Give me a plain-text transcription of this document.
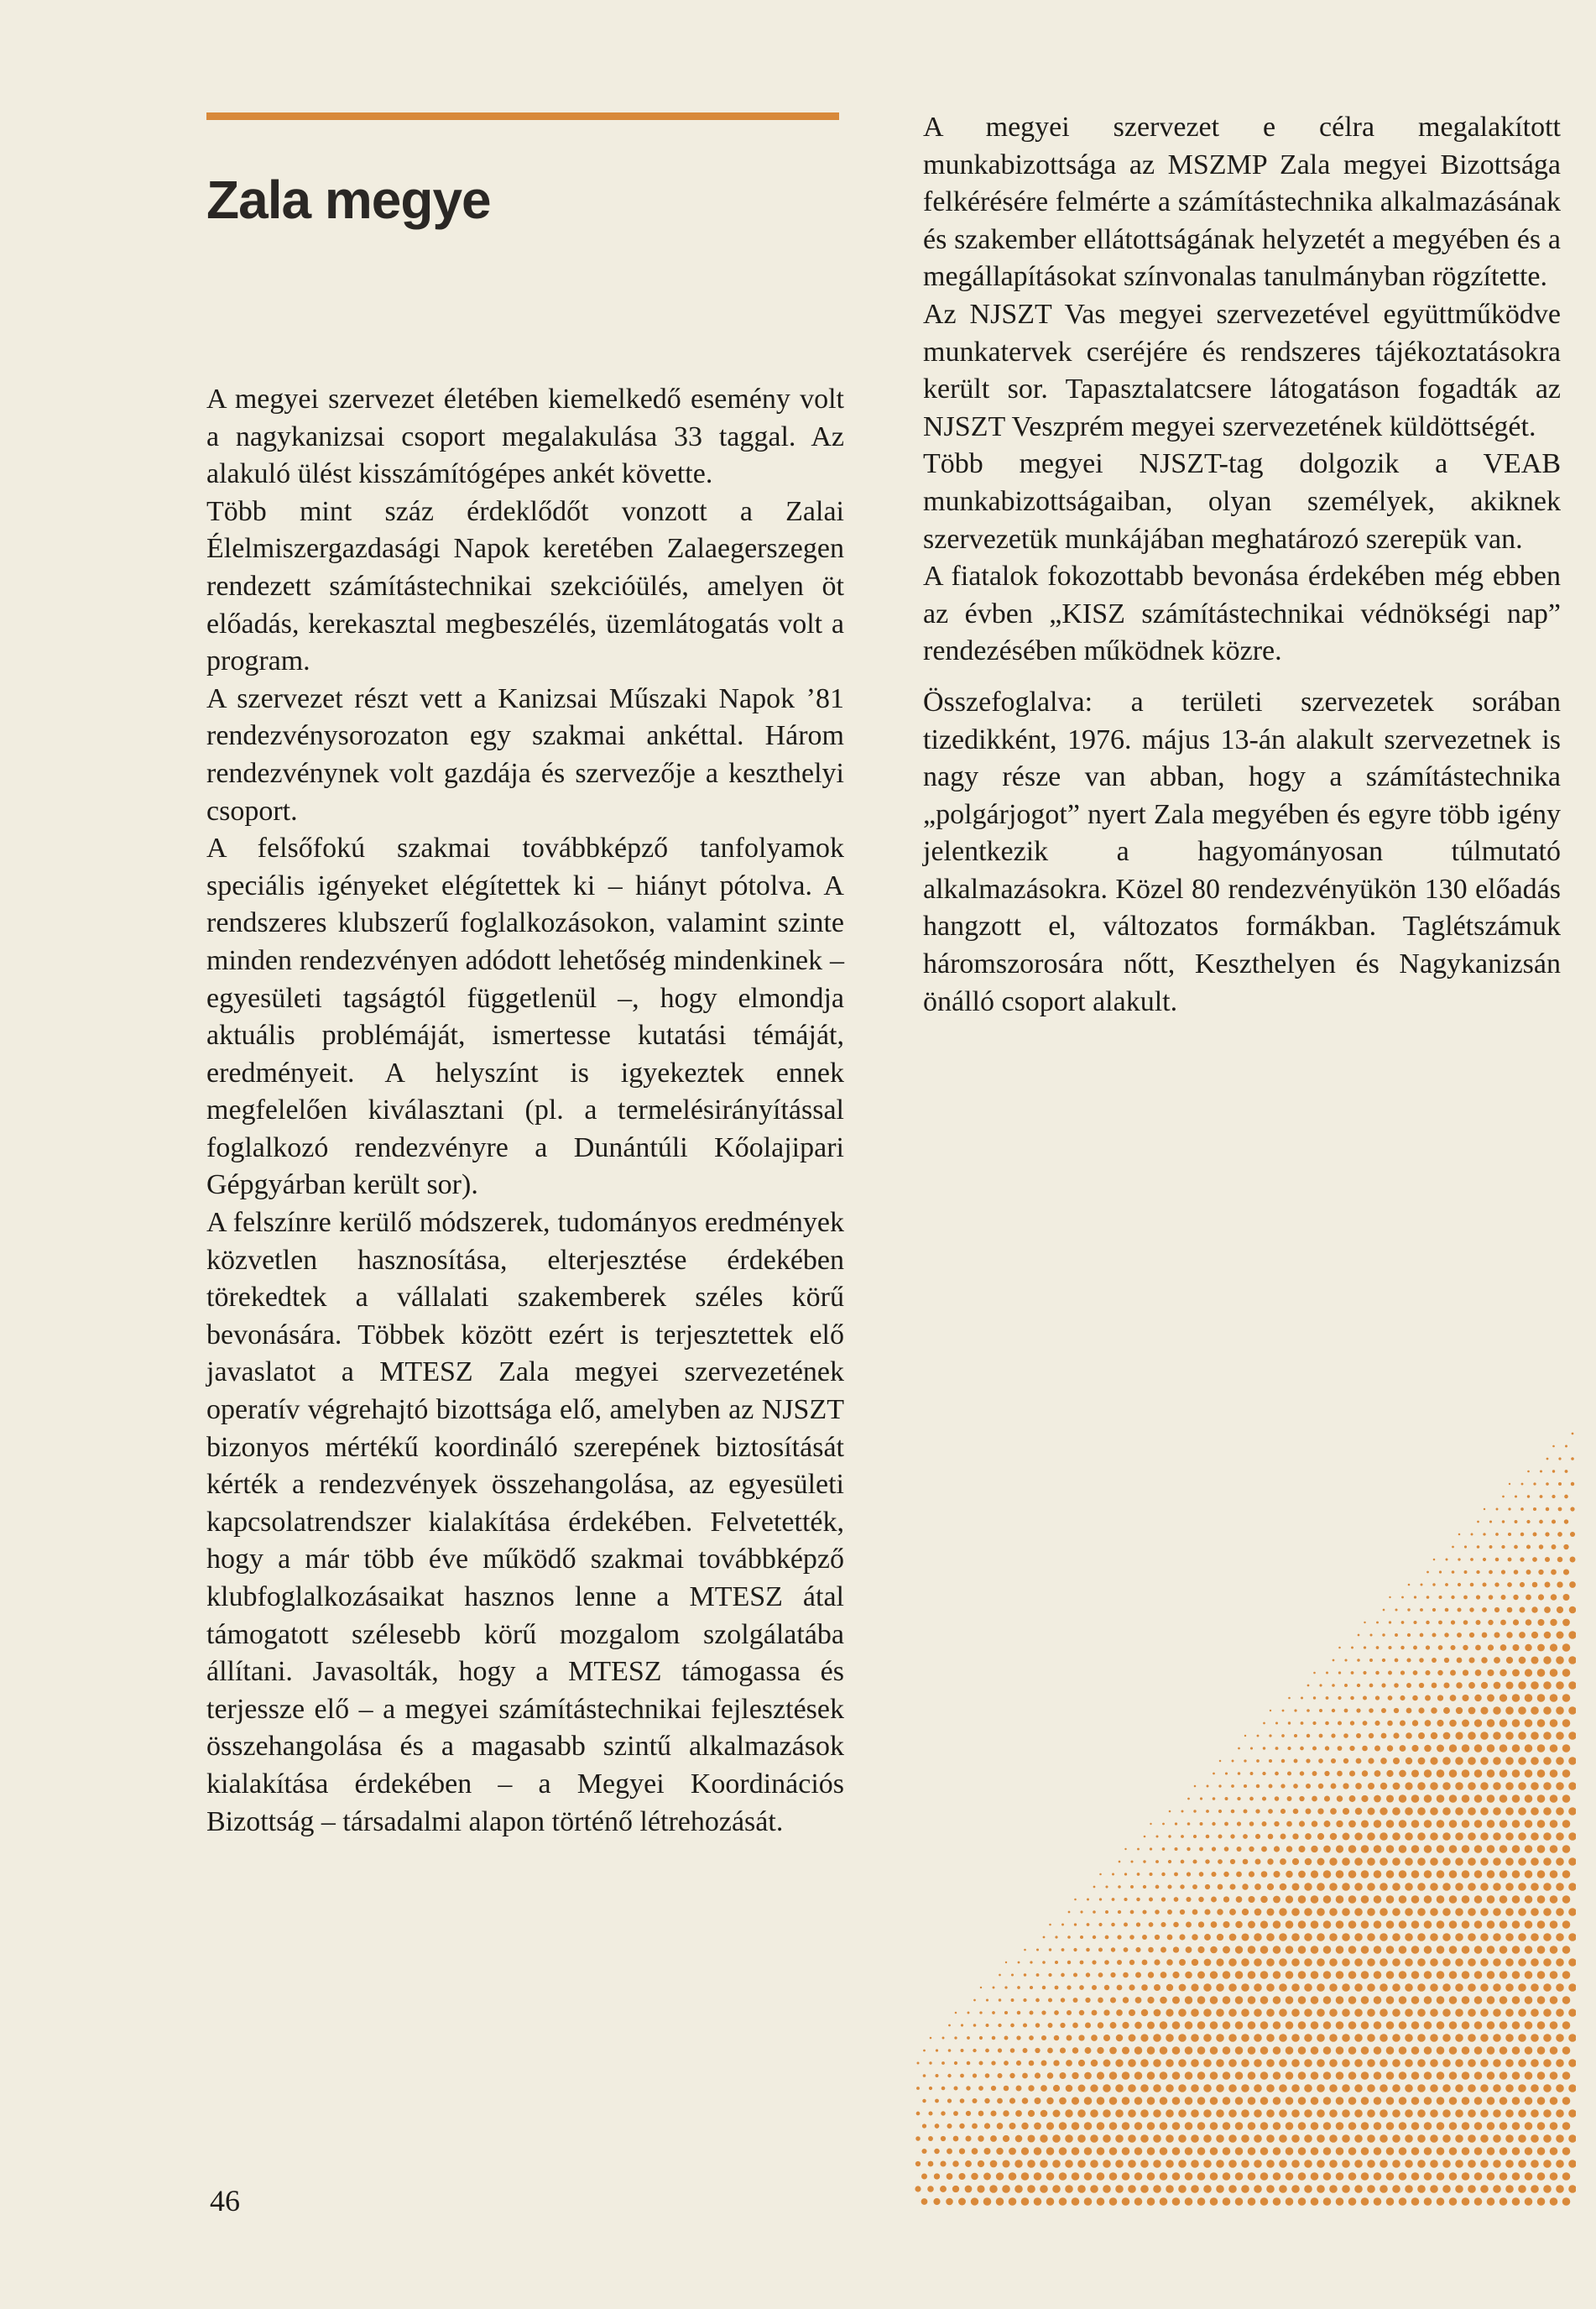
Zala megye

A megyei szervezet életében kiemelkedő esemény volt a nagykanizsai csoport megalakulása 33 taggal. Az alakuló ülést kisszámítógépes ankét követte.

Több mint száz érdeklődőt vonzott a Zalai Élelmiszergazdasági Napok keretében Zalaegerszegen rendezett számítástechnikai szekcióülés, amelyen öt előadás, kerekasztal megbeszélés, üzemlátogatás volt a program.

A szervezet részt vett a Kanizsai Műszaki Napok ’81 rendezvénysorozaton egy szakmai ankéttal. Három rendezvénynek volt gazdája és szervezője a keszthelyi csoport.

A felsőfokú szakmai továbbképző tanfolyamok speciális igényeket elégítettek ki – hiányt pótolva. A rendszeres klubszerű foglalkozásokon, valamint szinte minden rendezvényen adódott lehetőség mindenkinek – egyesületi tagságtól függetlenül –, hogy elmondja aktuális problémáját, ismertesse kutatási témáját, eredményeit. A helyszínt is igyekeztek ennek megfelelően kiválasztani (pl. a termelésirányítással foglalkozó rendezvényre a Dunántúli Kőolajipari Gépgyárban került sor).

A felszínre kerülő módszerek, tudományos eredmények közvetlen hasznosítása, elterjesztése érdekében törekedtek a vállalati szakemberek széles körű bevonására. Többek között ezért is terjesztettek elő javaslatot a MTESZ Zala megyei szervezetének operatív végrehajtó bizottsága elő, amelyben az NJSZT bizonyos mértékű koordináló szerepének biztosítását kérték a rendezvények összehangolása, az egyesületi kapcsolatrendszer kialakítása érdekében. Felvetették, hogy a már több éve működő szakmai továbbképző klubfoglalkozásaikat hasznos lenne a MTESZ átal támogatott szélesebb körű mozgalom szolgálatába állítani. Javasolták, hogy a MTESZ támogassa és terjessze elő – a megyei számítástechnikai fejlesztések összehangolása és a magasabb szintű alkalmazások kialakítása érdekében – a Megyei Koordinációs Bizottság – társadalmi alapon történő létrehozását.

A megyei szervezet e célra megalakított munkabizottsága az MSZMP Zala megyei Bizottsága felkérésére felmérte a számítástechnika alkalmazásának és szakember ellátottságának helyzetét a megyében és a megállapításokat színvonalas tanulmányban rögzítette.

Az NJSZT Vas megyei szervezetével együttműködve munkatervek cseréjére és rendszeres tájékoztatásokra került sor. Tapasztalatcsere látogatáson fogadták az NJSZT Veszprém megyei szervezetének küldöttségét.

Több megyei NJSZT-tag dolgozik a VEAB munkabizottságaiban, olyan személyek, akiknek szervezetük munkájában meghatározó szerepük van.

A fiatalok fokozottabb bevonása érdekében még ebben az évben „KISZ számítástechnikai védnökségi nap” rendezésében működnek közre.

Összefoglalva: a területi szervezetek sorában tizedikként, 1976. május 13-án alakult szervezetnek is nagy része van abban, hogy a számítástechnika „polgárjogot” nyert Zala megyében és egyre több igény jelentkezik a hagyományosan túlmutató alkalmazásokra. Közel 80 rendezvényükön 130 előadás hangzott el, változatos formákban. Taglétszámuk háromszorosára nőtt, Keszthelyen és Nagykanizsán önálló csoport alakult.

46
